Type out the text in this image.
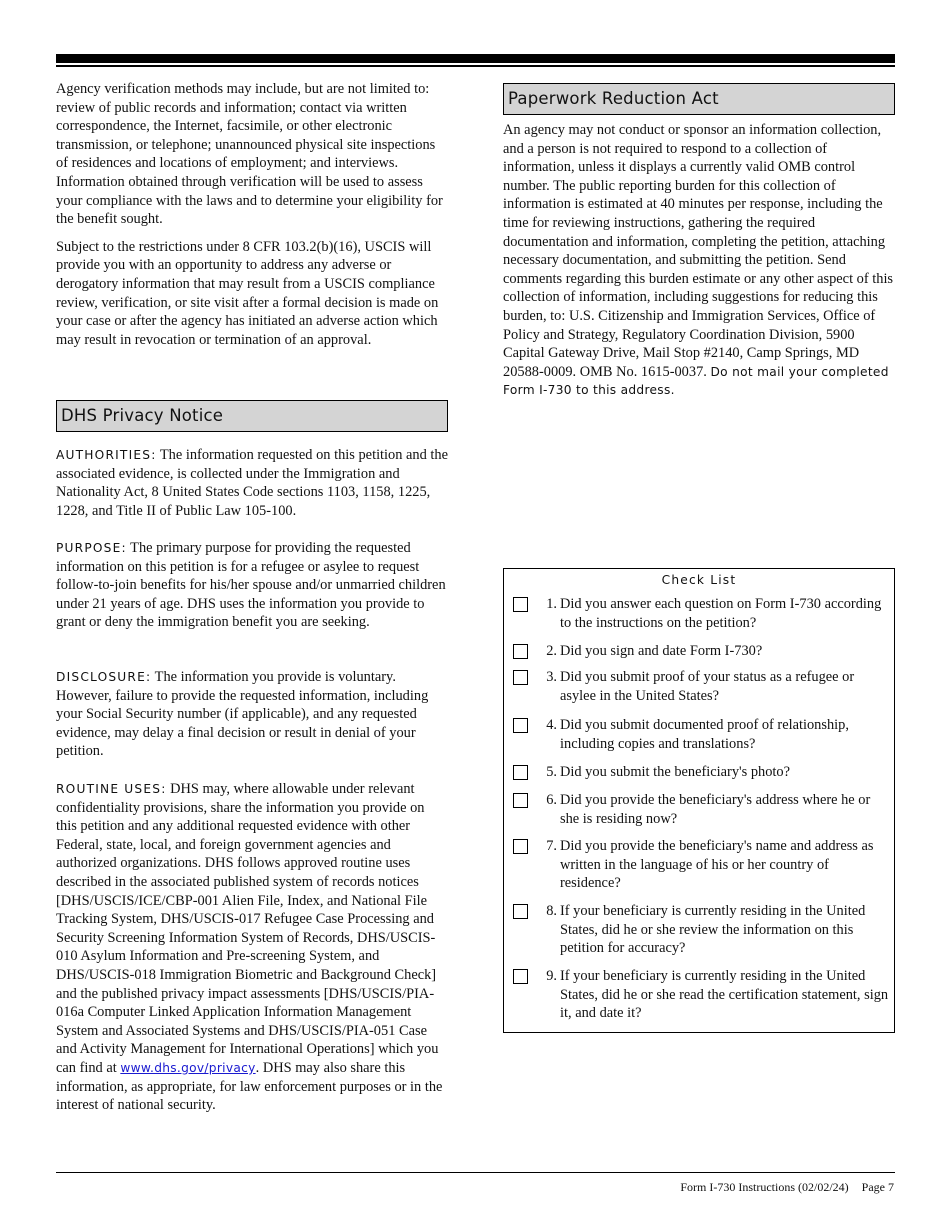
Agency verification methods may include, but are not limited to: review of public records and information; contact via written correspondence, the Internet, facsimile, or other electronic transmission, or telephone; unannounced physical site inspections of residences and locations of employment; and interviews. Information obtained through verification will be used to assess your compliance with the laws and to determine your eligibility for the benefit sought.

Subject to the restrictions under 8 CFR 103.2(b)(16), USCIS will provide you with an opportunity to address any adverse or derogatory information that may result from a USCIS compliance review, verification, or site visit after a formal decision is made on your case or after the agency has initiated an adverse action which may result in revocation or termination of an approval.

DHS Privacy Notice
AUTHORITIES: The information requested on this petition and the associated evidence, is collected under the Immigration and Nationality Act, 8 United States Code sections 1103, 1158, 1225, 1228, and Title II of Public Law 105-100.
PURPOSE: The primary purpose for providing the requested information on this petition is for a refugee or asylee to request follow-to-join benefits for his/her spouse and/or unmarried children under 21 years of age. DHS uses the information you provide to grant or deny the immigration benefit you are seeking.
DISCLOSURE: The information you provide is voluntary. However, failure to provide the requested information, including your Social Security number (if applicable), and any requested evidence, may delay a final decision or result in denial of your petition.
ROUTINE USES: DHS may, where allowable under relevant confidentiality provisions, share the information you provide on this petition and any additional requested evidence with other Federal, state, local, and foreign government agencies and authorized organizations. DHS follows approved routine uses described in the associated published system of records notices [DHS/USCIS/ICE/CBP-001 Alien File, Index, and National File Tracking System, DHS/USCIS-017 Refugee Case Processing and Security Screening Information System of Records, DHS/USCIS-010 Asylum Information and Pre-screening System, and DHS/USCIS-018 Immigration Biometric and Background Check] and the published privacy impact assessments [DHS/USCIS/PIA-016a Computer Linked Application Information Management System and Associated Systems and DHS/USCIS/PIA-051 Case and Activity Management for International Operations] which you can find at www.dhs.gov/privacy. DHS may also share this information, as appropriate, for law enforcement purposes or in the interest of national security.
Paperwork Reduction Act
An agency may not conduct or sponsor an information collection, and a person is not required to respond to a collection of information, unless it displays a currently valid OMB control number. The public reporting burden for this collection of information is estimated at 40 minutes per response, including the time for reviewing instructions, gathering the required documentation and information, completing the petition, attaching necessary documentation, and submitting the petition. Send comments regarding this burden estimate or any other aspect of this collection of information, including suggestions for reducing this burden, to: U.S. Citizenship and Immigration Services, Office of Policy and Strategy, Regulatory Coordination Division, 5900 Capital Gateway Drive, Mail Stop #2140, Camp Springs, MD 20588-0009. OMB No. 1615-0037. Do not mail your completed Form I-730 to this address.
Check List
1. Did you answer each question on Form I-730 according to the instructions on the petition?
2. Did you sign and date Form I-730?
3. Did you submit proof of your status as a refugee or asylee in the United States?
4. Did you submit documented proof of relationship, including copies and translations?
5. Did you submit the beneficiary's photo?
6. Did you provide the beneficiary's address where he or she is residing now?
7. Did you provide the beneficiary's name and address as written in the language of his or her country of residence?
8. If your beneficiary is currently residing in the United States, did he or she review the information on this petition for accuracy?
9. If your beneficiary is currently residing in the United States, did he or she read the certification statement, sign it, and date it?
Form I-730 Instructions (02/02/24) Page 7
